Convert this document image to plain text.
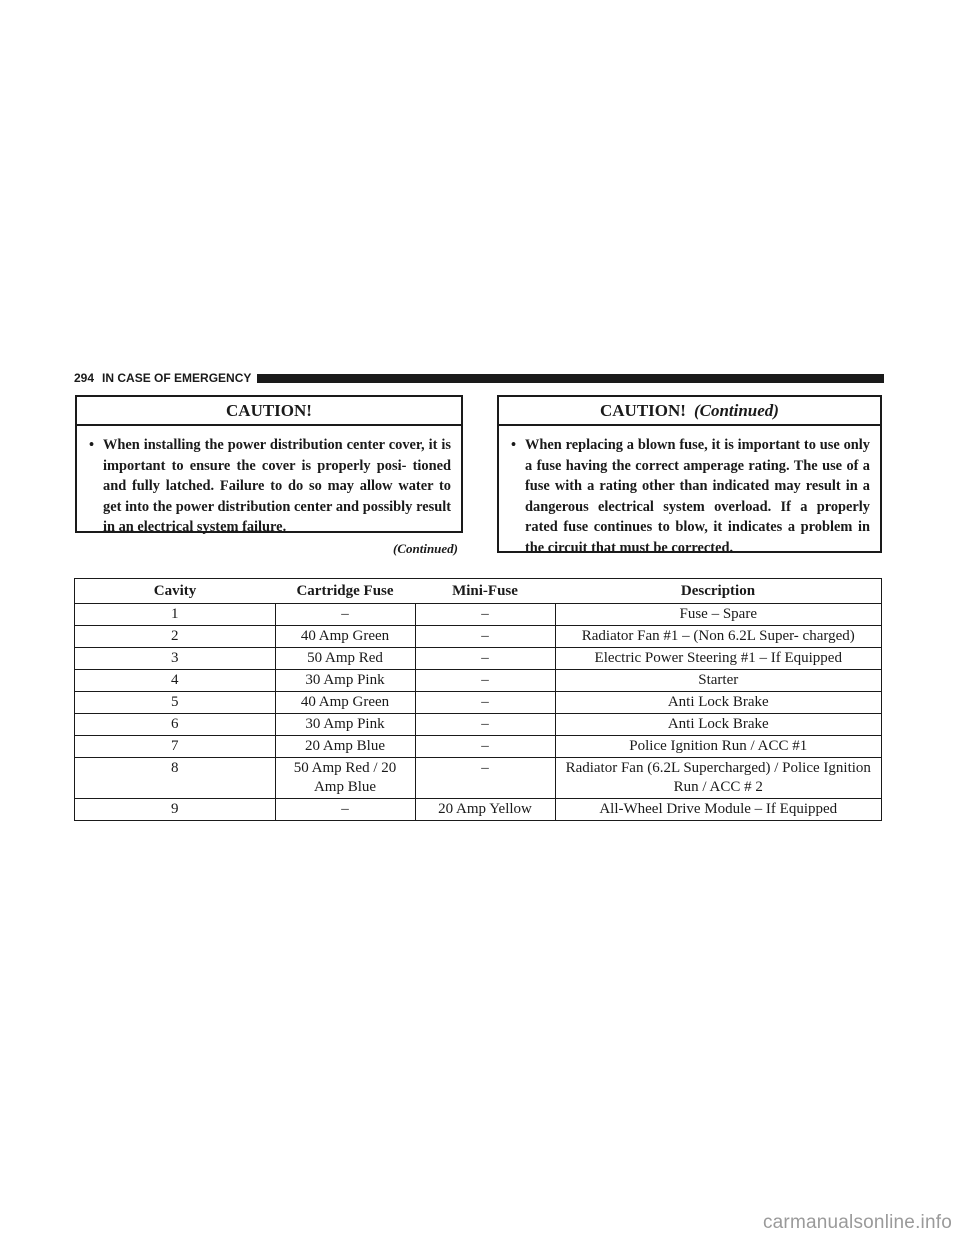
294 IN CASE OF EMERGENCY
CAUTION!
• When installing the power distribution center cover, it is important to ensure the cover is properly posi- tioned and fully latched. Failure to do so may allow water to get into the power distribution center and possibly result in an electrical system failure.
(Continued)
CAUTION! (Continued)
• When replacing a blown fuse, it is important to use only a fuse having the correct amperage rating. The use of a fuse with a rating other than indicated may result in a dangerous electrical system overload. If a properly rated fuse continues to blow, it indicates a problem in the circuit that must be corrected.
Cavity	Cartridge Fuse	Mini-Fuse	Description
1	–	–	Fuse – Spare
2	40 Amp Green	–	Radiator Fan #1 – (Non 6.2L Super- charged)
3	50 Amp Red	–	Electric Power Steering #1 – If Equipped
4	30 Amp Pink	–	Starter
5	40 Amp Green	–	Anti Lock Brake
6	30 Amp Pink	–	Anti Lock Brake
7	20 Amp Blue	–	Police Ignition Run / ACC #1
8	50 Amp Red / 20 Amp Blue	–	Radiator Fan (6.2L Supercharged) / Police Ignition Run / ACC # 2
9	–	20 Amp Yellow	All-Wheel Drive Module – If Equipped
carmanualsonline.info
